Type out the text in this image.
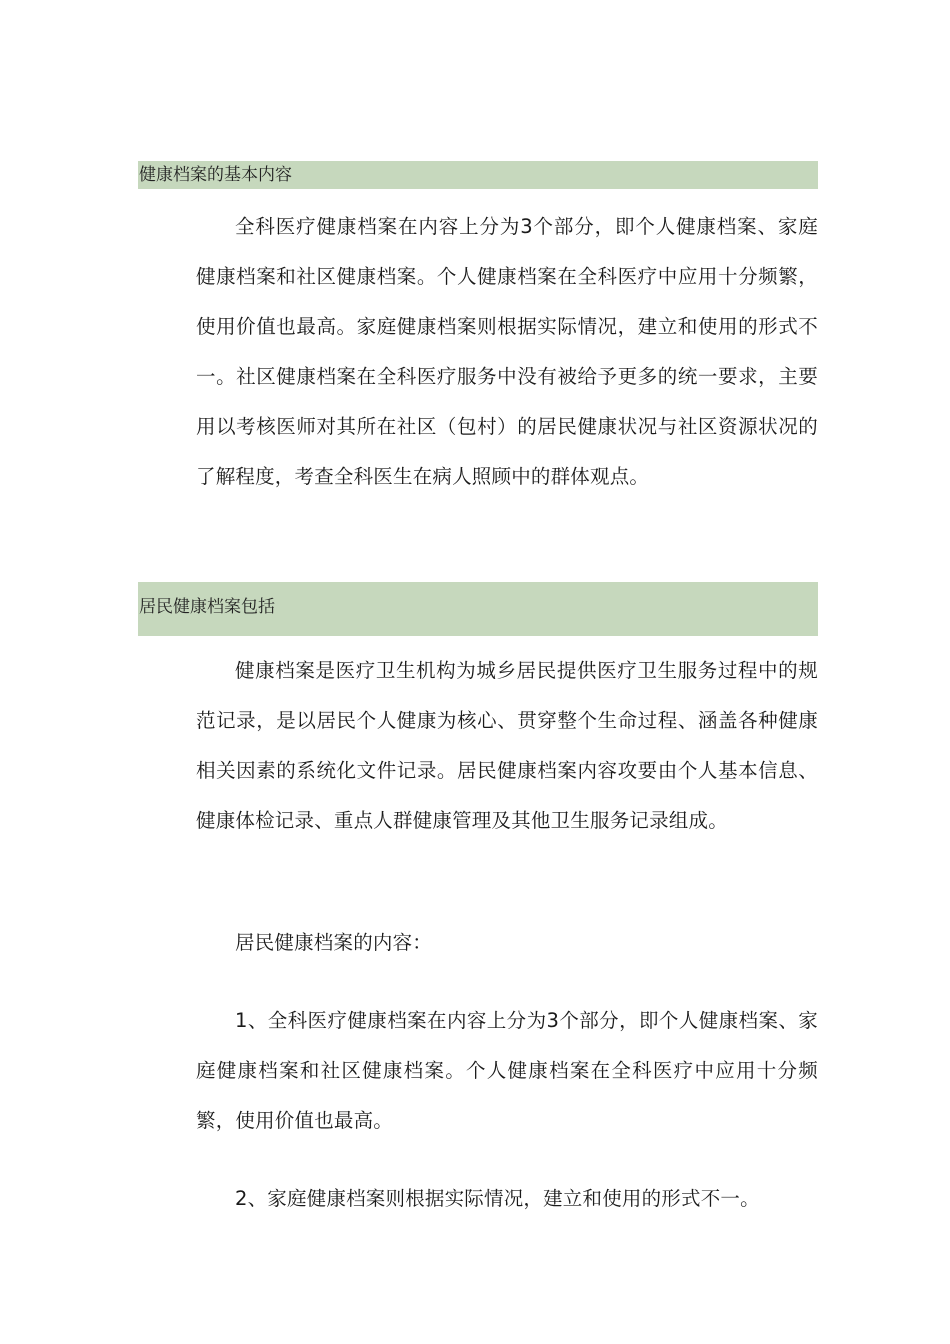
健康档案的基本内容

全科医疗健康档案在内容上分为3个部分，即个人健康档案、家庭健康档案和社区健康档案。个人健康档案在全科医疗中应用十分频繁，使用价值也最高。家庭健康档案则根据实际情况，建立和使用的形式不一。社区健康档案在全科医疗服务中没有被给予更多的统一要求，主要用以考核医师对其所在社区（包村）的居民健康状况与社区资源状况的了解程度，考查全科医生在病人照顾中的群体观点。

居民健康档案包括

健康档案是医疗卫生机构为城乡居民提供医疗卫生服务过程中的规范记录，是以居民个人健康为核心、贯穿整个生命过程、涵盖各种健康相关因素的系统化文件记录。居民健康档案内容攻要由个人基本信息、健康体检记录、重点人群健康管理及其他卫生服务记录组成。

居民健康档案的内容：

1、全科医疗健康档案在内容上分为3个部分，即个人健康档案、家庭健康档案和社区健康档案。个人健康档案在全科医疗中应用十分频繁，使用价值也最高。

2、家庭健康档案则根据实际情况，建立和使用的形式不一。
